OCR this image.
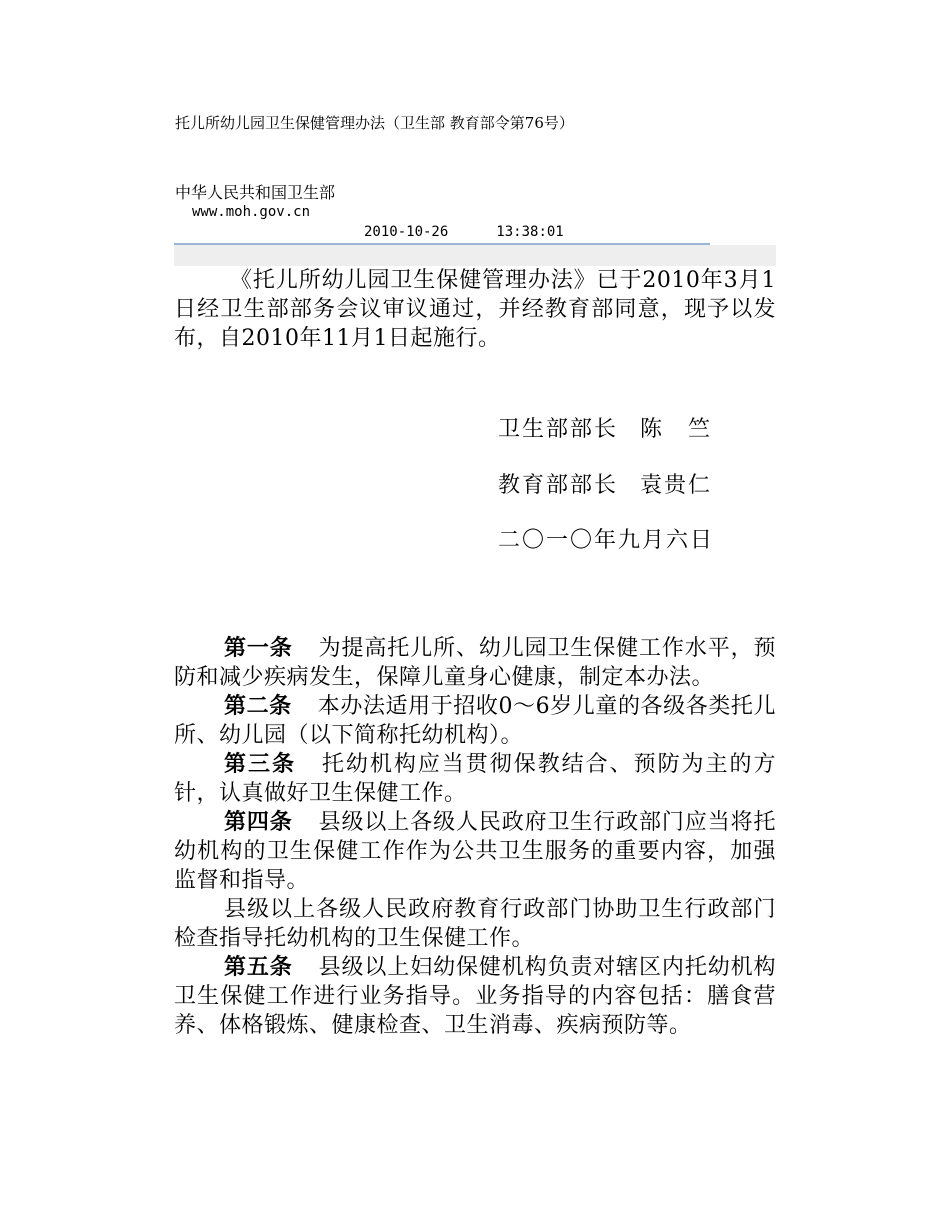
托儿所幼儿园卫生保健管理办法（卫生部 教育部令第76号）
中华人民共和国卫生部
www.moh.gov.cn
2010-10-26	13:38:01

《托儿所幼儿园卫生保健管理办法》已于2010年3月1日经卫生部部务会议审议通过，并经教育部同意，现予以发布，自2010年11月1日起施行。

卫生部部长 陈　竺
教育部部长 袁贵仁
二〇一〇年九月六日

第一条 为提高托儿所、幼儿园卫生保健工作水平，预防和减少疾病发生，保障儿童身心健康，制定本办法。

第二条 本办法适用于招收0～6岁儿童的各级各类托儿所、幼儿园（以下简称托幼机构）。

第三条 托幼机构应当贯彻保教结合、预防为主的方针，认真做好卫生保健工作。

第四条 县级以上各级人民政府卫生行政部门应当将托幼机构的卫生保健工作作为公共卫生服务的重要内容，加强监督和指导。

县级以上各级人民政府教育行政部门协助卫生行政部门检查指导托幼机构的卫生保健工作。

第五条 县级以上妇幼保健机构负责对辖区内托幼机构卫生保健工作进行业务指导。业务指导的内容包括：膳食营养、体格锻炼、健康检查、卫生消毒、疾病预防等。
